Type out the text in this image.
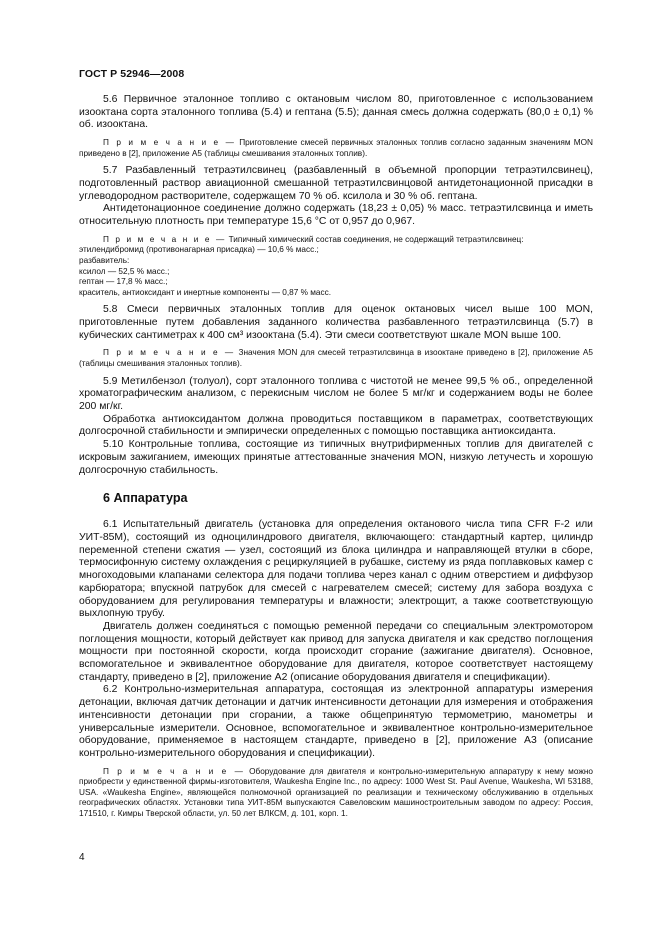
ГОСТ Р 52946—2008

5.6 Первичное эталонное топливо с октановым числом 80, приготовленное с использованием изооктана сорта эталонного топлива (5.4) и гептана (5.5); данная смесь должна содержать (80,0 ± 0,1) % об. изооктана.

П р и м е ч а н и е — Приготовление смесей первичных эталонных топлив согласно заданным значениям MON приведено в [2], приложение А5 (таблицы смешивания эталонных топлив).

5.7 Разбавленный тетраэтилсвинец (разбавленный в объемной пропорции тетраэтилсвинец), подготовленный раствор авиационной смешанной тетраэтилсвинцовой антидетонационной присадки в углеводородном растворителе, содержащем 70 % об. ксилола и 30 % об. гептана.

Антидетонационное соединение должно содержать (18,23 ± 0,05) % масс. тетраэтилсвинца и иметь относительную плотность при температуре 15,6 °С от 0,957 до 0,967.

П р и м е ч а н и е — Типичный химический состав соединения, не содержащий тетраэтилсвинец:

этилендибромид (противонагарная присадка) — 10,6 % масс.;

разбавитель:

ксилол — 52,5 % масс.;

гептан — 17,8 % масс.;

краситель, антиоксидант и инертные компоненты — 0,87 % масс.

5.8 Смеси первичных эталонных топлив для оценок октановых чисел выше 100 MON, приготовленные путем добавления заданного количества разбавленного тетраэтилсвинца (5.7) в кубических сантиметрах к 400 см³ изооктана (5.4). Эти смеси соответствуют шкале MON выше 100.

П р и м е ч а н и е — Значения MON для смесей тетраэтилсвинца в изооктане приведено в [2], приложение А5 (таблицы смешивания эталонных топлив).

5.9 Метилбензол (толуол), сорт эталонного топлива с чистотой не менее 99,5 % об., определенной хроматографическим анализом, с перекисным числом не более 5 мг/кг и содержанием воды не более 200 мг/кг.

Обработка антиоксидантом должна проводиться поставщиком в параметрах, соответствующих долгосрочной стабильности и эмпирически определенных с помощью поставщика антиоксиданта.

5.10 Контрольные топлива, состоящие из типичных внутрифирменных топлив для двигателей с искровым зажиганием, имеющих принятые аттестованные значения MON, низкую летучесть и хорошую долгосрочную стабильность.

6 Аппаратура

6.1 Испытательный двигатель (установка для определения октанового числа типа CFR F-2 или УИТ-85М), состоящий из одноцилиндрового двигателя, включающего: стандартный картер, цилиндр переменной степени сжатия — узел, состоящий из блока цилиндра и направляющей втулки в сборе, термосифонную систему охлаждения с рециркуляцией в рубашке, систему из ряда поплавковых камер с многоходовыми клапанами селектора для подачи топлива через канал с одним отверстием и диффузор карбюратора; впускной патрубок для смесей с нагревателем смесей; систему для забора воздуха с оборудованием для регулирования температуры и влажности; электрощит, а также соответствующую выхлопную трубу.

Двигатель должен соединяться с помощью ременной передачи со специальным электромотором поглощения мощности, который действует как привод для запуска двигателя и как средство поглощения мощности при постоянной скорости, когда происходит сгорание (зажигание двигателя). Основное, вспомогательное и эквивалентное оборудование для двигателя, которое соответствует настоящему стандарту, приведено в [2], приложение А2 (описание оборудования двигателя и спецификации).

6.2 Контрольно-измерительная аппаратура, состоящая из электронной аппаратуры измерения детонации, включая датчик детонации и датчик интенсивности детонации для измерения и отображения интенсивности детонации при сгорании, а также общепринятую термометрию, манометры и универсальные измерители. Основное, вспомогательное и эквивалентное контрольно-измерительное оборудование, применяемое в настоящем стандарте, приведено в [2], приложение А3 (описание контрольно-измерительного оборудования и спецификации).

П р и м е ч а н и е — Оборудование для двигателя и контрольно-измерительную аппаратуру к нему можно приобрести у единственной фирмы-изготовителя, Waukesha Engine Inc., по адресу: 1000 West St. Paul Avenue, Waukesha, WI 53188, USA. «Waukesha Engine», являющейся полномочной организацией по реализации и техническому обслуживанию в отдельных географических областях. Установки типа УИТ-85М выпускаются Савеловским машиностроительным заводом по адресу: Россия, 171510, г. Кимры Тверской области, ул. 50 лет ВЛКСМ, д. 101, корп. 1.

4
